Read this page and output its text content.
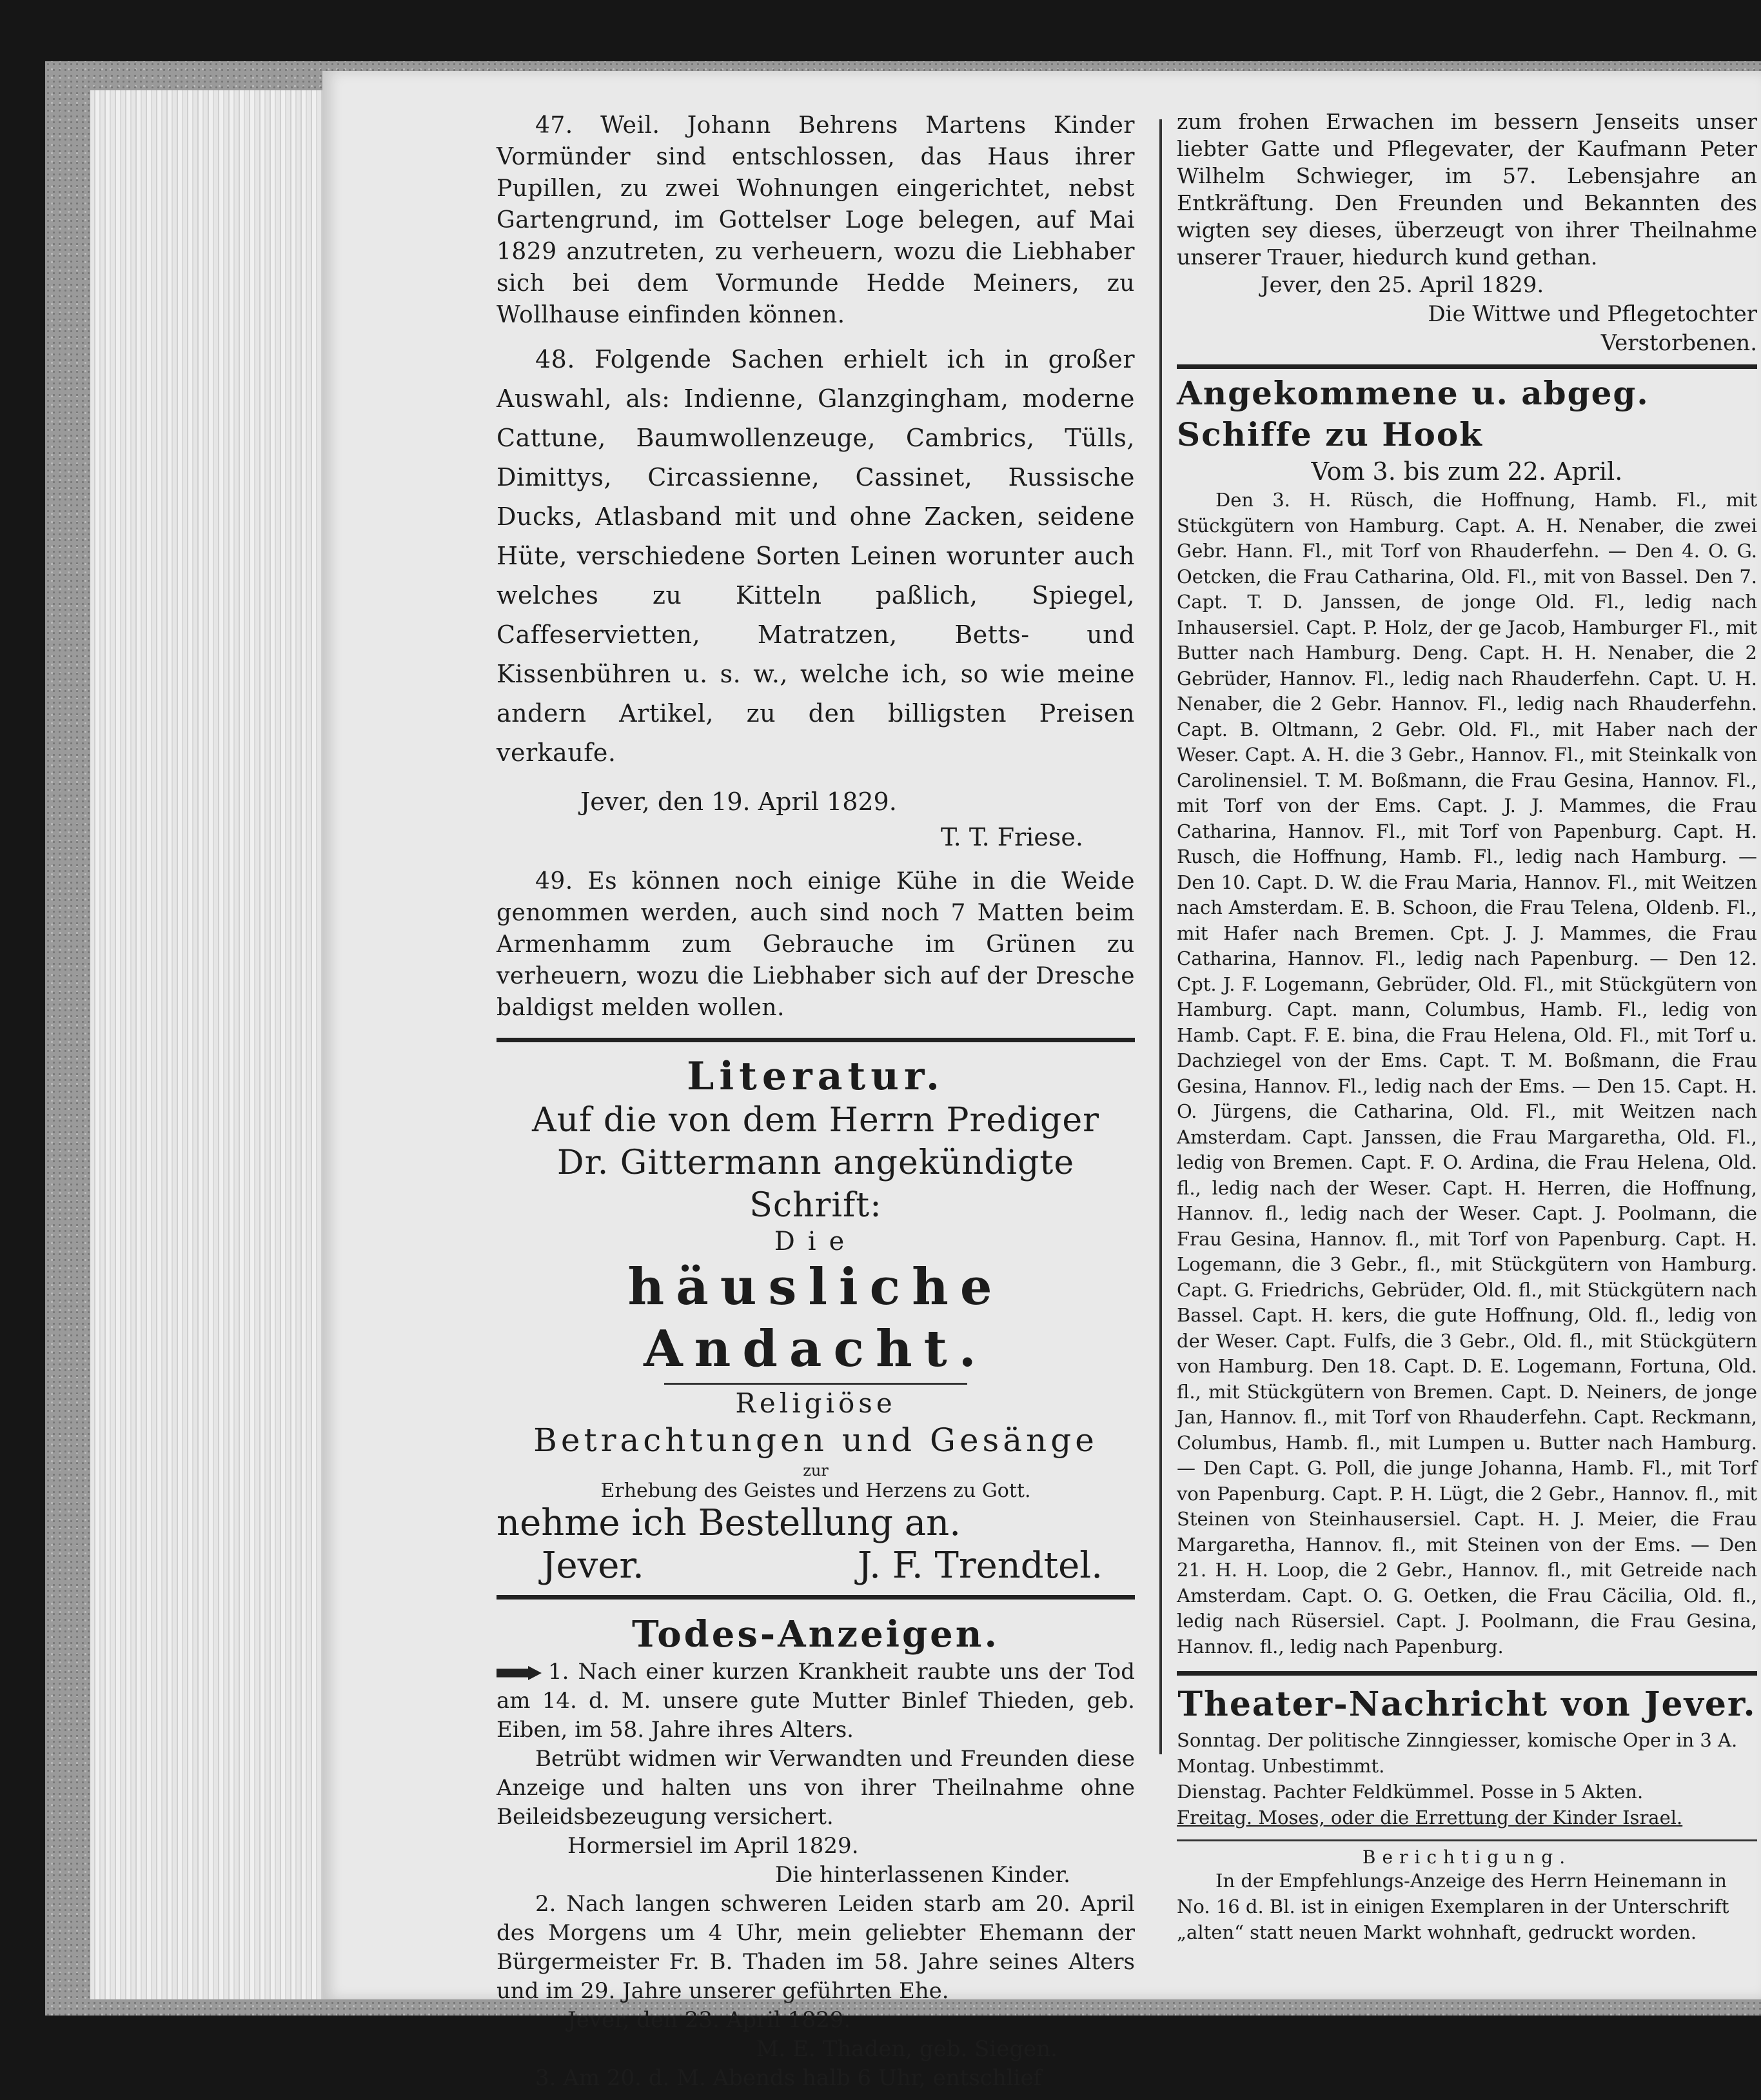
47. Weil. Johann Behrens Martens Kinder Vormünder sind entschlossen, das Haus ihrer Pupillen, zu zwei Wohnungen eingerichtet, nebst Gartengrund, im Gottelser Loge belegen, auf Mai 1829 anzutreten, zu verheuern, wozu die Liebhaber sich bei dem Vormunde Hedde Meiners, zu Wollhause einfinden können.
48. Folgende Sachen erhielt ich in großer Auswahl, als: Indienne, Glanzgingham, moderne Cattune, Baumwollenzeuge, Cambrics, Tülls, Dimittys, Circassienne, Cassinet, Russische Ducks, Atlasband mit und ohne Zacken, seidene Hüte, verschiedene Sorten Leinen worunter auch welches zu Kitteln paßlich, Spiegel, Caffeservietten, Matratzen, Betts- und Kissenbühren u. s. w., welche ich, so wie meine andern Artikel, zu den billigsten Preisen verkaufe.

Jever, den 19. April 1829.

T. T. Friese.

49. Es können noch einige Kühe in die Weide genommen werden, auch sind noch 7 Matten beim Armenhamm zum Gebrauche im Grünen zu verheuern, wozu die Liebhaber sich auf der Dresche baldigst melden wollen.

Literatur.

Auf die von dem Herrn Prediger

Dr. Gittermann angekündigte Schrift:

Die

häusliche Andacht.

Religiöse

Betrachtungen und Gesänge

zur

Erhebung des Geistes und Herzens zu Gott.

nehme ich Bestellung an.

Jever.	J. F. Trendtel.

Todes-Anzeigen.

1. Nach einer kurzen Krankheit raubte uns der Tod am 14. d. M. unsere gute Mutter Binlef Thieden, geb. Eiben, im 58. Jahre ihres Alters.

Betrübt widmen wir Verwandten und Freunden diese Anzeige und halten uns von ihrer Theilnahme ohne Beileidsbezeugung versichert.

Hormersiel im April 1829.

Die hinterlassenen Kinder.

2. Nach langen schweren Leiden starb am 20. April des Morgens um 4 Uhr, mein geliebter Ehemann der Bürgermeister Fr. B. Thaden im 58. Jahre seines Alters und im 29. Jahre unserer geführten Ehe.

Jever, den 23. April 1829.

M. E. Thaden, geb. Siegen.

3. Am 20. d. M. Abends halb 6 Uhr, entschlief

zum frohen Erwachen im bessern Jenseits unser liebter Gatte und Pflegevater, der Kaufmann Peter Wilhelm Schwieger, im 57. Lebensjahre an Entkräftung. Den Freunden und Bekannten des wigten sey dieses, überzeugt von ihrer Theilnahme unserer Trauer, hiedurch kund gethan.

Jever, den 25. April 1829.

Die Wittwe und Pflegetochter

Verstorbenen.

Angekommene u. abgeg. Schiffe zu Hook

Vom 3. bis zum 22. April.

Den 3. H. Rüsch, die Hoffnung, Hamb. Fl., mit Stückgütern von Hamburg. Capt. A. H. Nenaber, die zwei Gebr. Hann. Fl., mit Torf von Rhauderfehn. — Den 4. O. G. Oetcken, die Frau Catharina, Old. Fl., mit von Bassel. Den 7. Capt. T. D. Janssen, de jonge Old. Fl., ledig nach Inhausersiel. Capt. P. Holz, der ge Jacob, Hamburger Fl., mit Butter nach Hamburg. Deng. Capt. H. H. Nenaber, die 2 Gebrüder, Hannov. Fl., ledig nach Rhauderfehn. Capt. U. H. Nenaber, die 2 Gebr. Hannov. Fl., ledig nach Rhauderfehn. Capt. B. Oltmann, 2 Gebr. Old. Fl., mit Haber nach der Weser. Capt. A. H. die 3 Gebr., Hannov. Fl., mit Steinkalk von Carolinensiel. T. M. Boßmann, die Frau Gesina, Hannov. Fl., mit Torf von der Ems. Capt. J. J. Mammes, die Frau Catharina, Hannov. Fl., mit Torf von Papenburg. Capt. H. Rusch, die Hoffnung, Hamb. Fl., ledig nach Hamburg. — Den 10. Capt. D. W. die Frau Maria, Hannov. Fl., mit Weitzen nach Amsterdam. E. B. Schoon, die Frau Telena, Oldenb. Fl., mit Hafer nach Bremen. Cpt. J. J. Mammes, die Frau Catharina, Hannov. Fl., ledig nach Papenburg. — Den 12. Cpt. J. F. Logemann, Gebrüder, Old. Fl., mit Stückgütern von Hamburg. Capt. mann, Columbus, Hamb. Fl., ledig von Hamb. Capt. F. E. bina, die Frau Helena, Old. Fl., mit Torf u. Dachziegel von der Ems. Capt. T. M. Boßmann, die Frau Gesina, Hannov. Fl., ledig nach der Ems. — Den 15. Capt. H. O. Jürgens, die Catharina, Old. Fl., mit Weitzen nach Amsterdam. Capt. Janssen, die Frau Margaretha, Old. Fl., ledig von Bremen. Capt. F. O. Ardina, die Frau Helena, Old. fl., ledig nach der Weser. Capt. H. Herren, die Hoffnung, Hannov. fl., ledig nach der Weser. Capt. J. Poolmann, die Frau Gesina, Hannov. fl., mit Torf von Papenburg. Capt. H. Logemann, die 3 Gebr., fl., mit Stückgütern von Hamburg. Capt. G. Friedrichs, Gebrüder, Old. fl., mit Stückgütern nach Bassel. Capt. H. kers, die gute Hoffnung, Old. fl., ledig von der Weser. Capt. Fulfs, die 3 Gebr., Old. fl., mit Stückgütern von Hamburg. Den 18. Capt. D. E. Logemann, Fortuna, Old. fl., mit Stückgütern von Bremen. Capt. D. Neiners, de jonge Jan, Hannov. fl., mit Torf von Rhauderfehn. Capt. Reckmann, Columbus, Hamb. fl., mit Lumpen u. Butter nach Hamburg. — Den Capt. G. Poll, die junge Johanna, Hamb. Fl., mit Torf von Papenburg. Capt. P. H. Lügt, die 2 Gebr., Hannov. fl., mit Steinen von Steinhausersiel. Capt. H. J. Meier, die Frau Margaretha, Hannov. fl., mit Steinen von der Ems. — Den 21. H. H. Loop, die 2 Gebr., Hannov. fl., mit Getreide nach Amsterdam. Capt. O. G. Oetken, die Frau Cäcilia, Old. fl., ledig nach Rüsersiel. Capt. J. Poolmann, die Frau Gesina, Hannov. fl., ledig nach Papenburg.

Theater-Nachricht von Jever.

Sonntag. Der politische Zinngiesser, komische Oper in 3 A.

Montag. Unbestimmt.

Dienstag. Pachter Feldkümmel. Posse in 5 Akten.

Freitag. Moses, oder die Errettung der Kinder Israel.

Berichtigung.

In der Empfehlungs-Anzeige des Herrn Heinemann in No. 16 d. Bl. ist in einigen Exemplaren in der Unterschrift „alten“ statt neuen Markt wohnhaft, gedruckt worden.
